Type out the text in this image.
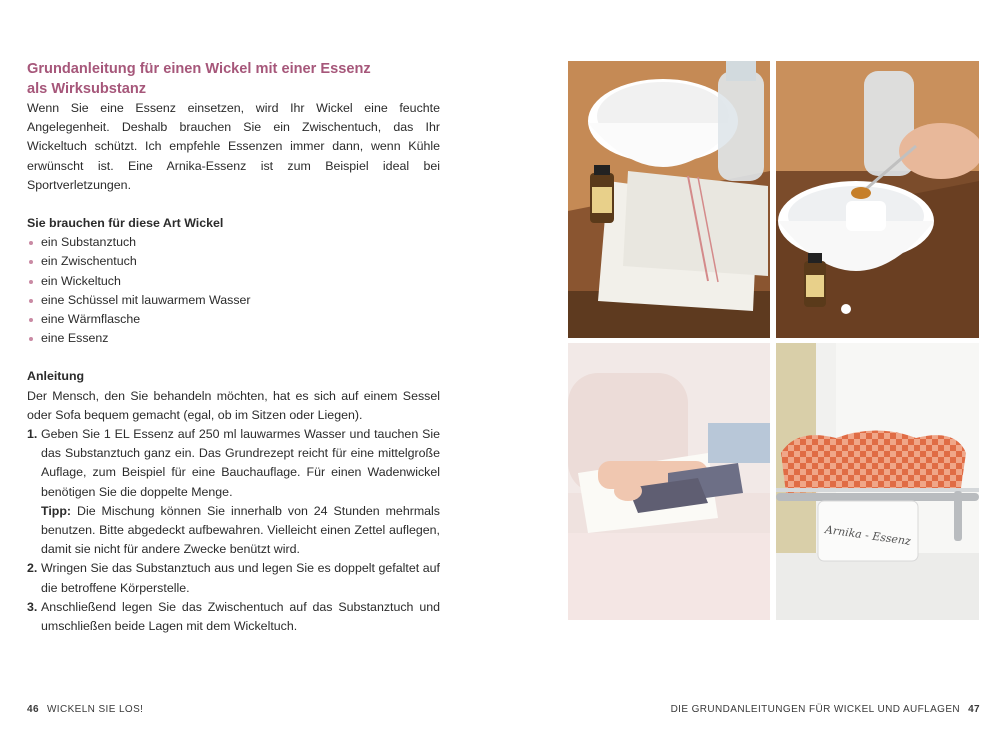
Grundanleitung für einen Wickel mit einer Essenz
als Wirksubstanz

Wenn Sie eine Essenz einsetzen, wird Ihr Wickel eine feuchte Angelegenheit. Deshalb brauchen Sie ein Zwischentuch, das Ihr Wickeltuch schützt. Ich empfehle Essenzen immer dann, wenn Kühle erwünscht ist. Eine Arnika-Essenz ist zum Beispiel ideal bei Sportverletzungen.

Sie brauchen für diese Art Wickel

ein Substanztuch
ein Zwischentuch
ein Wickeltuch
eine Schüssel mit lauwarmem Wasser
eine Wärmflasche
eine Essenz

Anleitung

Der Mensch, den Sie behandeln möchten, hat es sich auf einem Sessel oder Sofa bequem gemacht (egal, ob im Sitzen oder Liegen).

1. Geben Sie 1 EL Essenz auf 250 ml lauwarmes Wasser und tauchen Sie das Substanztuch ganz ein. Das Grundrezept reicht für eine mittelgroße Auflage, zum Beispiel für eine Bauchauflage. Für einen Wadenwickel benötigen Sie die doppelte Menge.
Tipp: Die Mischung können Sie innerhalb von 24 Stunden mehrmals benutzen. Bitte abgedeckt aufbewahren. Vielleicht einen Zettel auflegen, damit sie nicht für andere Zwecke benützt wird.
2. Wringen Sie das Substanztuch aus und legen Sie es doppelt gefaltet auf die betroffene Körperstelle.
3. Anschließend legen Sie das Zwischentuch auf das Substanztuch und umschließen beide Lagen mit dem Wickeltuch.
Arnika - Essenz
46 WICKELN SIE LOS!	DIE GRUNDANLEITUNGEN FÜR WICKEL UND AUFLAGEN 47
